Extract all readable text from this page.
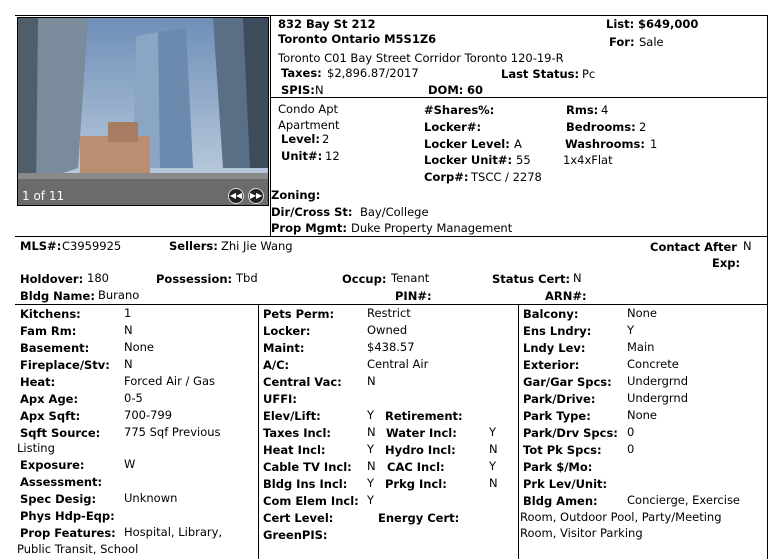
1 of 11	◀◀ ▶▶
832 Bay St 212
Toronto Ontario M5S1Z6
Toronto C01 Bay Street Corridor Toronto 120-19-R
List: $649,000
For: Sale
Taxes: $2,896.87/2017	Last Status: Pc
SPIS: N	DOM: 60
Condo Apt
Apartment
Level: 2
Unit#: 12
#Shares%:
Locker#:
Locker Level: A
Locker Unit#: 55
Corp#: TSCC / 2278
Rms: 4
Bedrooms: 2
Washrooms: 1
1x4xFlat
Zoning:
Dir/Cross St: Bay/College
Prop Mgmt: Duke Property Management
MLS#: C3959925	Sellers: Zhi Jie Wang	Contact After N
Exp:
Holdover: 180	Possession: Tbd	Occup: Tenant	Status Cert: N
Bldg Name: Burano	PIN#:	ARN#:
Kitchens:	1
Fam Rm:	N
Basement:	None
Fireplace/Stv: N
Heat:	Forced Air / Gas
Apx Age:	0-5
Apx Sqft:	700-799
Sqft Source: 775 Sqf Previous
Listing
Exposure:	W
Assessment:
Spec Desig: Unknown
Phys Hdp-Eqp:
Prop Features: Hospital, Library,
Public Transit, School
Pets Perm:	Restrict
Locker:	Owned
Maint:	$438.57
A/C:	Central Air
Central Vac: N
UFFI:
Elev/Lift:	Y Retirement:
Taxes Incl:	N Water Incl:	Y
Heat Incl:	Y Hydro Incl:	N
Cable TV Incl: N CAC Incl:	Y
Bldg Ins Incl: Y Prkg Incl:	N
Com Elem Incl: Y
Cert Level:	Energy Cert:
GreenPIS:
Balcony:	None
Ens Lndry:	Y
Lndy Lev:	Main
Exterior:	Concrete
Gar/Gar Spcs: Undergrnd
Park/Drive:	Undergrnd
Park Type:	None
Park/Drv Spcs: 0
Tot Pk Spcs: 0
Park $/Mo:
Prk Lev/Unit:
Bldg Amen:	Concierge, Exercise
Room, Outdoor Pool, Party/Meeting
Room, Visitor Parking
